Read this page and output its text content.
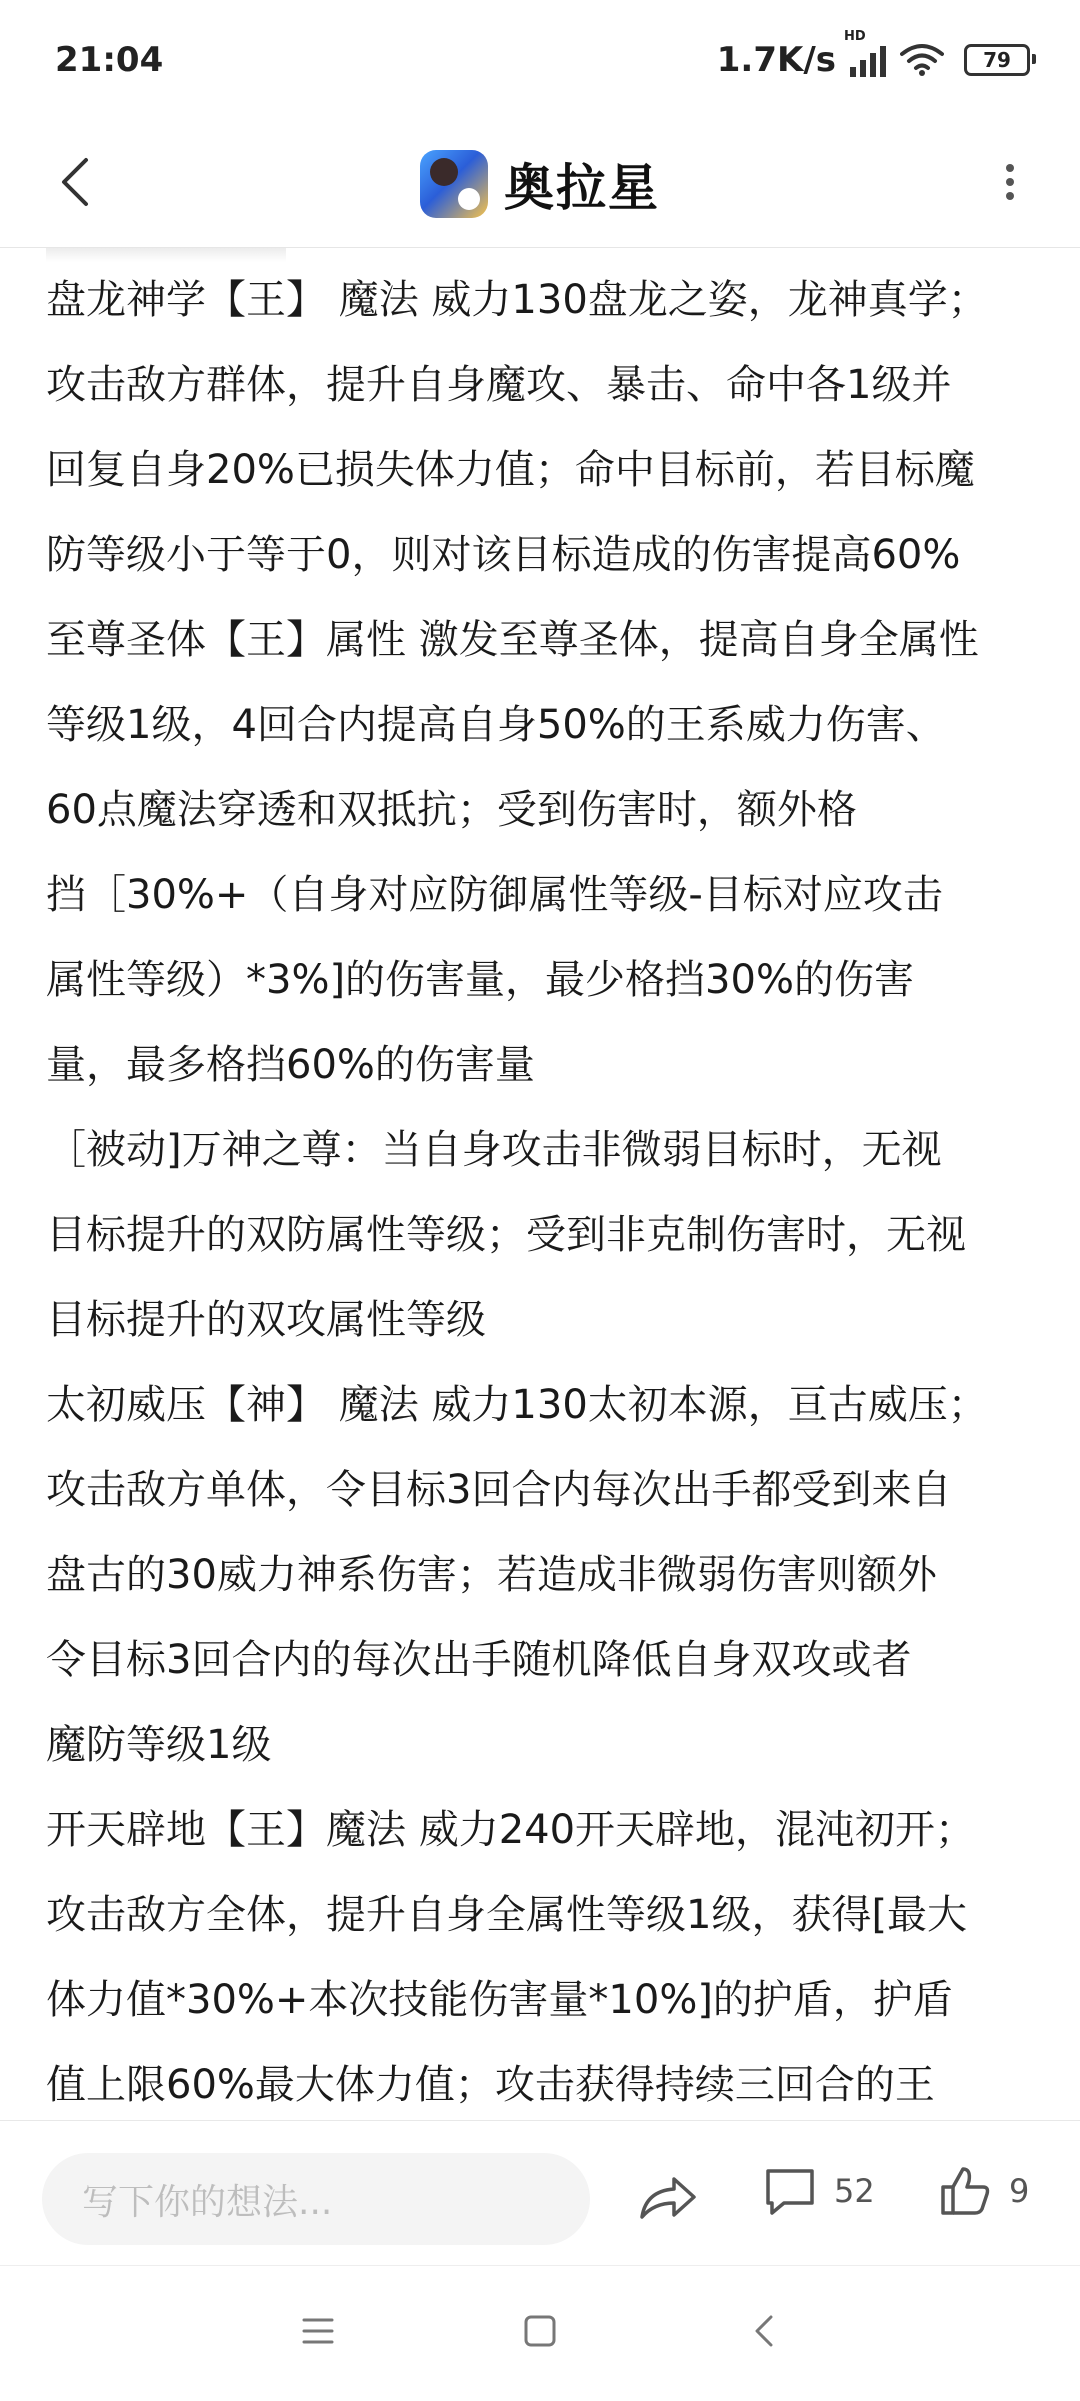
21:04	1.7K/s
HD
79
奥拉星
盘龙神学【王】 魔法 威力130盘龙之姿，龙神真学；
攻击敌方群体，提升自身魔攻、暴击、命中各1级并
回复自身20%已损失体力值；命中目标前，若目标魔
防等级小于等于0，则对该目标造成的伤害提高60%
至尊圣体【王】属性 激发至尊圣体，提高自身全属性
等级1级，4回合内提高自身50%的王系威力伤害、
60点魔法穿透和双抵抗；受到伤害时，额外格
挡［30%+（自身对应防御属性等级-目标对应攻击
属性等级）*3%]的伤害量，最少格挡30%的伤害
量，最多格挡60%的伤害量
［被动]万神之尊：当自身攻击非微弱目标时，无视
目标提升的双防属性等级；受到非克制伤害时，无视
目标提升的双攻属性等级
太初威压【神】 魔法 威力130太初本源，亘古威压；
攻击敌方单体，令目标3回合内每次出手都受到来自
盘古的30威力神系伤害；若造成非微弱伤害则额外
令目标3回合内的每次出手随机降低自身双攻或者
魔防等级1级
开天辟地【王】魔法 威力240开天辟地，混沌初开；
攻击敌方全体，提升自身全属性等级1级，获得[最大
体力值*30%+本次技能伤害量*10%]的护盾，护盾
值上限60%最大体力值；攻击获得持续三回合的王
写下你的想法...	52	9
